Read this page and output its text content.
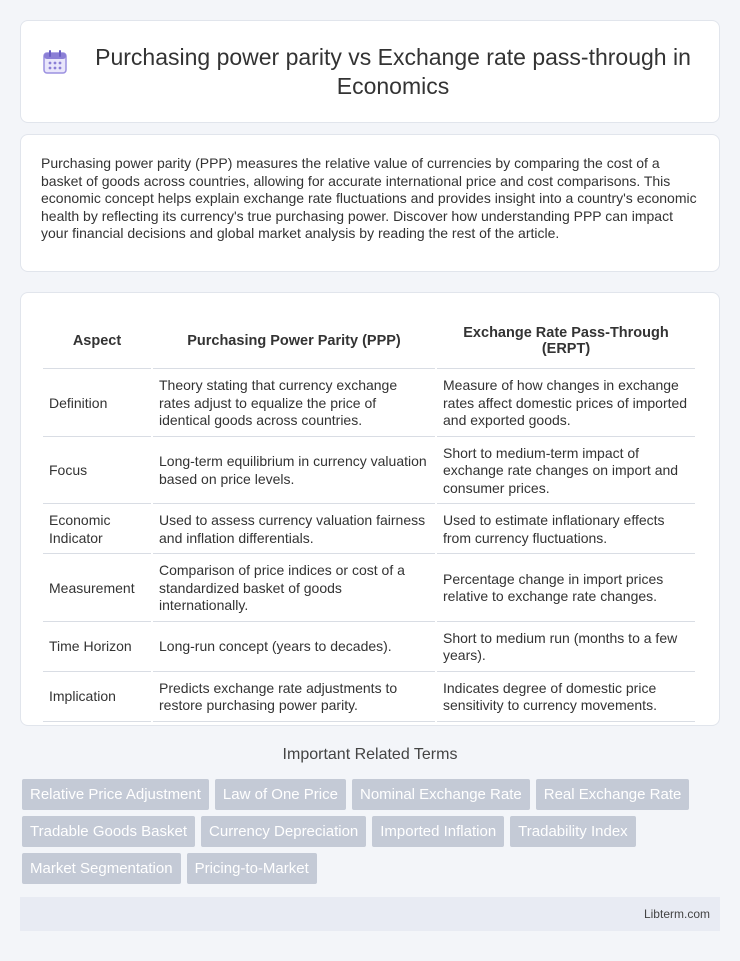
Purchasing power parity vs Exchange rate pass-through in Economics

Purchasing power parity (PPP) measures the relative value of currencies by comparing the cost of a basket of goods across countries, allowing for accurate international price and cost comparisons. This economic concept helps explain exchange rate fluctuations and provides insight into a country's economic health by reflecting its currency's true purchasing power. Discover how understanding PPP can impact your financial decisions and global market analysis by reading the rest of the article.

Aspect	Purchasing Power Parity (PPP)	Exchange Rate Pass-Through (ERPT)
Definition	Theory stating that currency exchange rates adjust to equalize the price of identical goods across countries.	Measure of how changes in exchange rates affect domestic prices of imported and exported goods.
Focus	Long-term equilibrium in currency valuation based on price levels.	Short to medium-term impact of exchange rate changes on import and consumer prices.
Economic Indicator	Used to assess currency valuation fairness and inflation differentials.	Used to estimate inflationary effects from currency fluctuations.
Measurement	Comparison of price indices or cost of a standardized basket of goods internationally.	Percentage change in import prices relative to exchange rate changes.
Time Horizon	Long-run concept (years to decades).	Short to medium run (months to a few years).
Implication	Predicts exchange rate adjustments to restore purchasing power parity.	Indicates degree of domestic price sensitivity to currency movements.
Important Related Terms
Relative Price Adjustment	Law of One Price	Nominal Exchange Rate	Real Exchange Rate
Tradable Goods Basket	Currency Depreciation	Imported Inflation	Tradability Index
Market Segmentation	Pricing-to-Market
Libterm.com
